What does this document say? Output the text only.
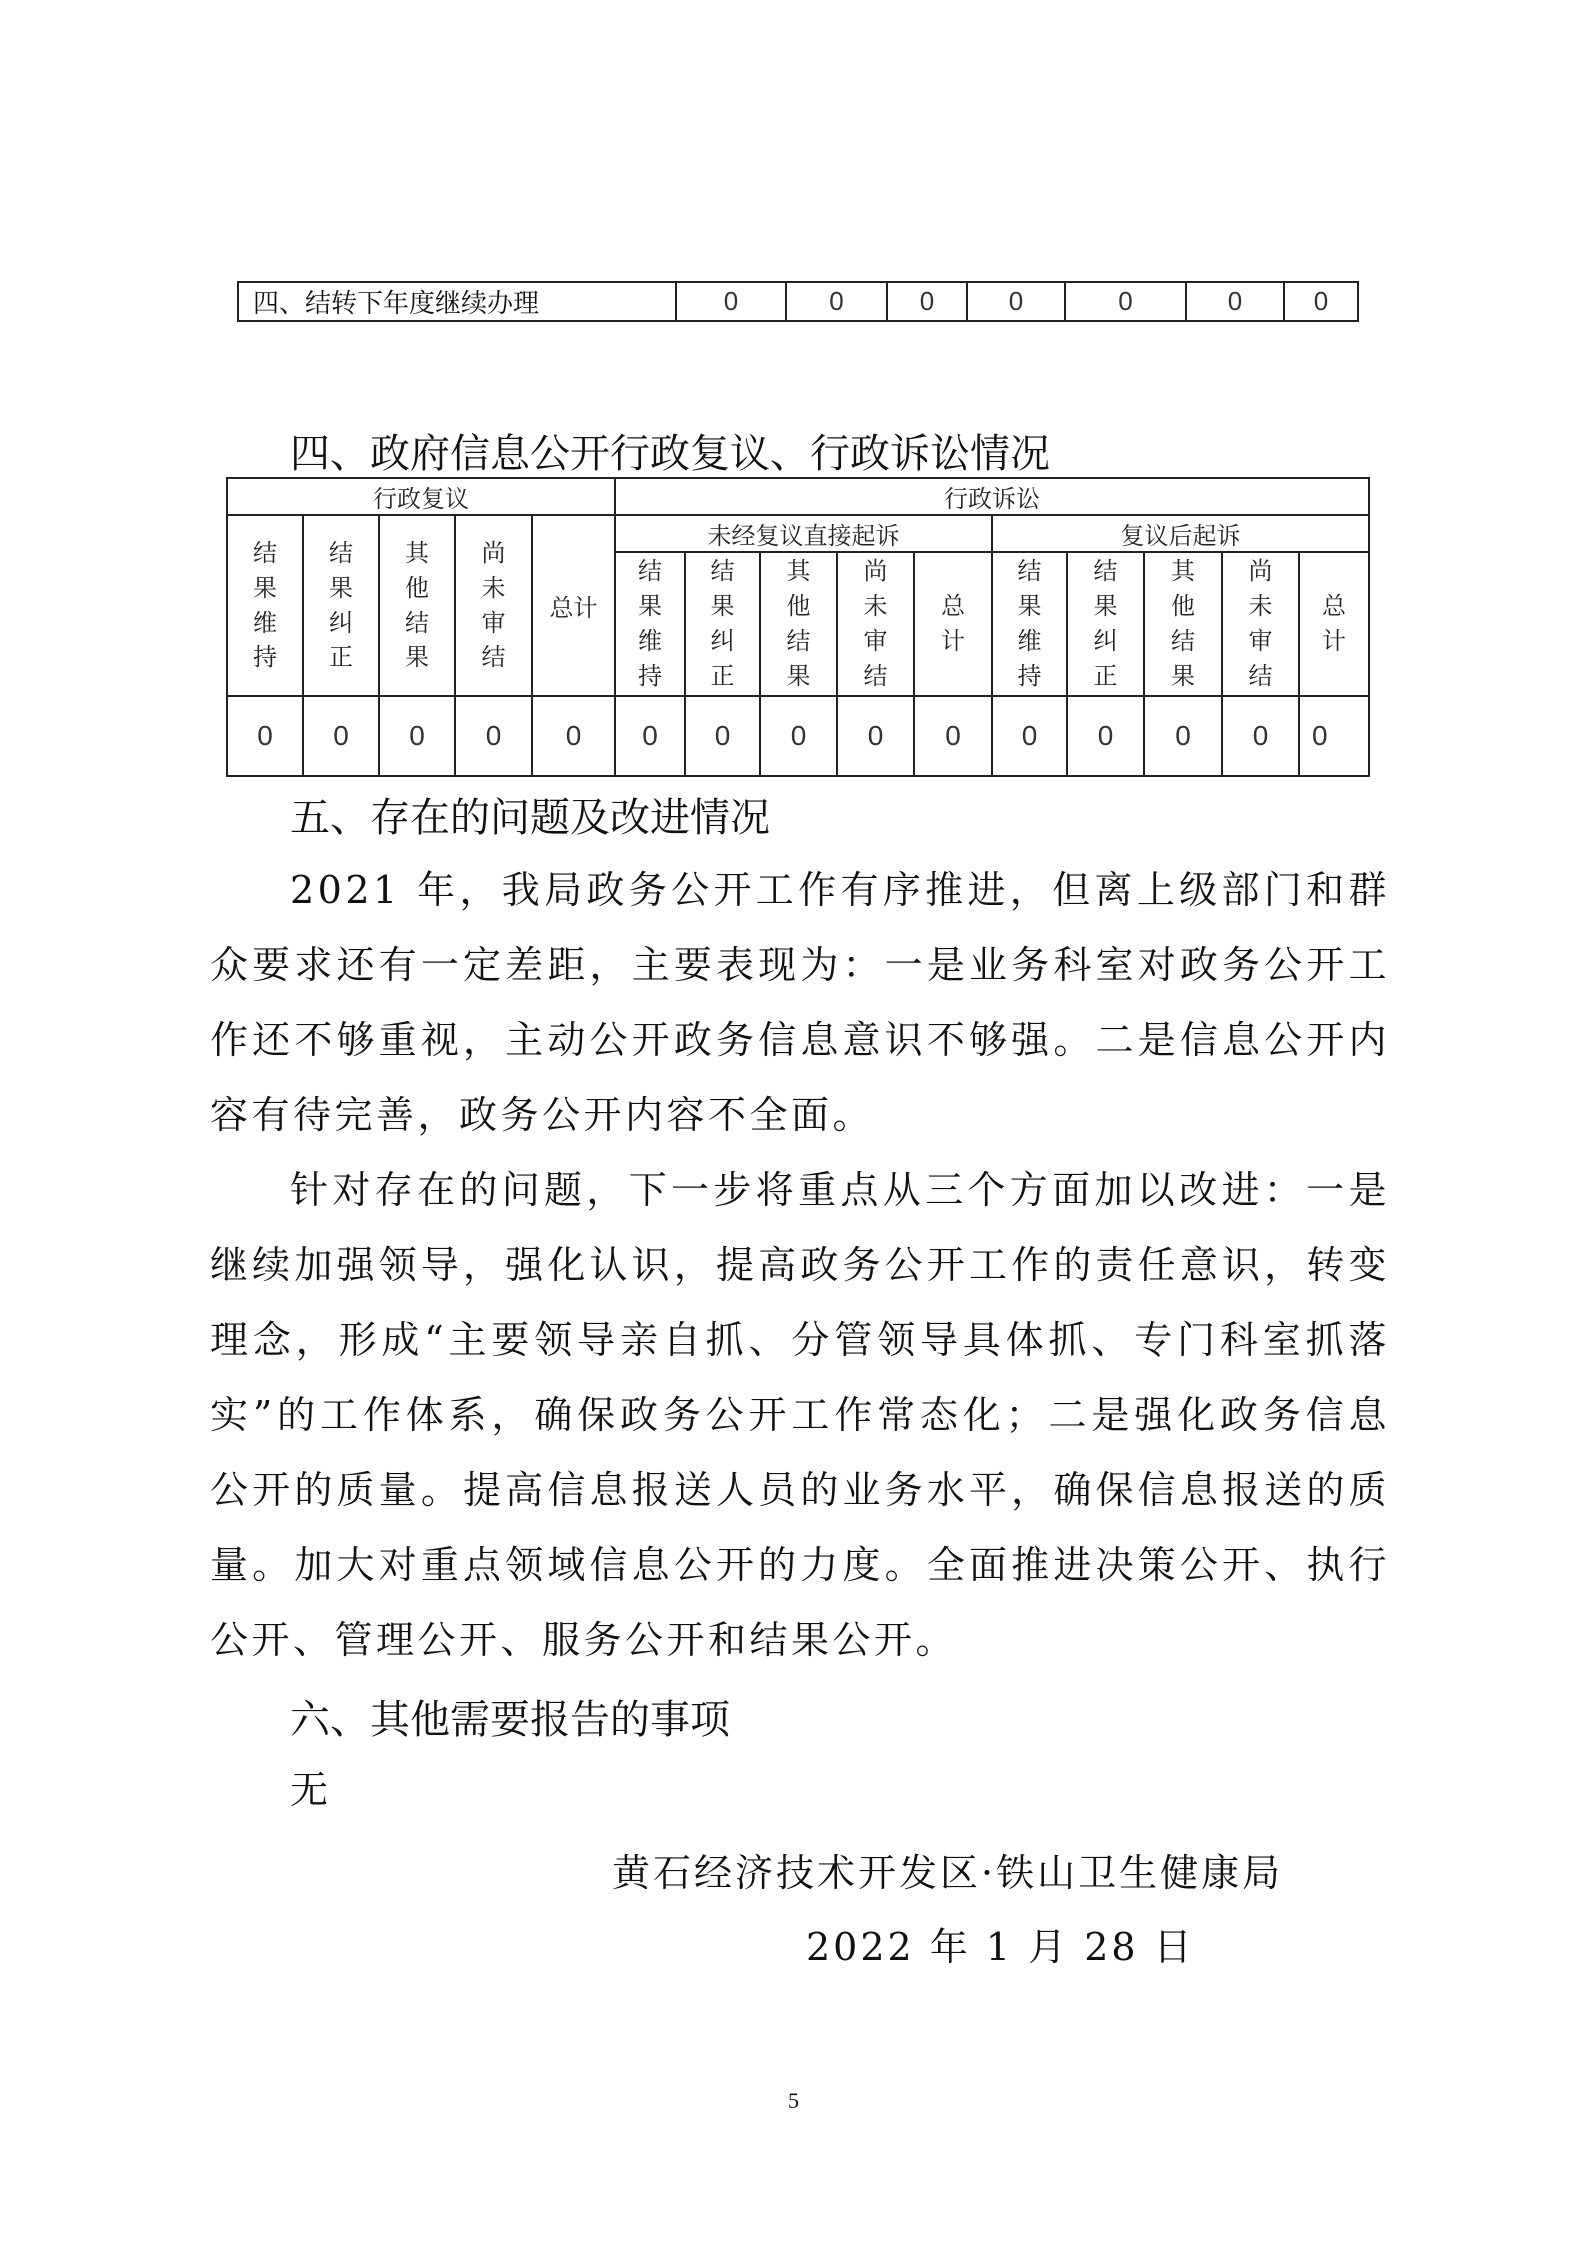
四、结转下年度继续办理	0	0	0	0	0	0	0
四、政府信息公开行政复议、行政诉讼情况
行政复议					行政诉讼									
结果维持	结果纠正	其他结果	尚未审结	总计	未经复议直接起诉					复议后起诉				
					结果维持	结果纠正	其他结果	尚未审结	总计	结果维持	结果纠正	其他结果	尚未审结	总计
0	0	0	0	0	0	0	0	0	0	0	0	0	0	0
五、存在的问题及改进情况

2021 年，我局政务公开工作有序推进，但离上级部门和群众要求还有一定差距，主要表现为：一是业务科室对政务公开工作还不够重视，主动公开政务信息意识不够强。二是信息公开内容有待完善，政务公开内容不全面。

针对存在的问题，下一步将重点从三个方面加以改进：一是继续加强领导，强化认识，提高政务公开工作的责任意识，转变理念，形成“主要领导亲自抓、分管领导具体抓、专门科室抓落实”的工作体系，确保政务公开工作常态化；二是强化政务信息公开的质量。提高信息报送人员的业务水平，确保信息报送的质量。加大对重点领域信息公开的力度。全面推进决策公开、执行公开、管理公开、服务公开和结果公开。

六、其他需要报告的事项
无
黄石经济技术开发区·铁山卫生健康局
2022 年 1 月 28 日
5
